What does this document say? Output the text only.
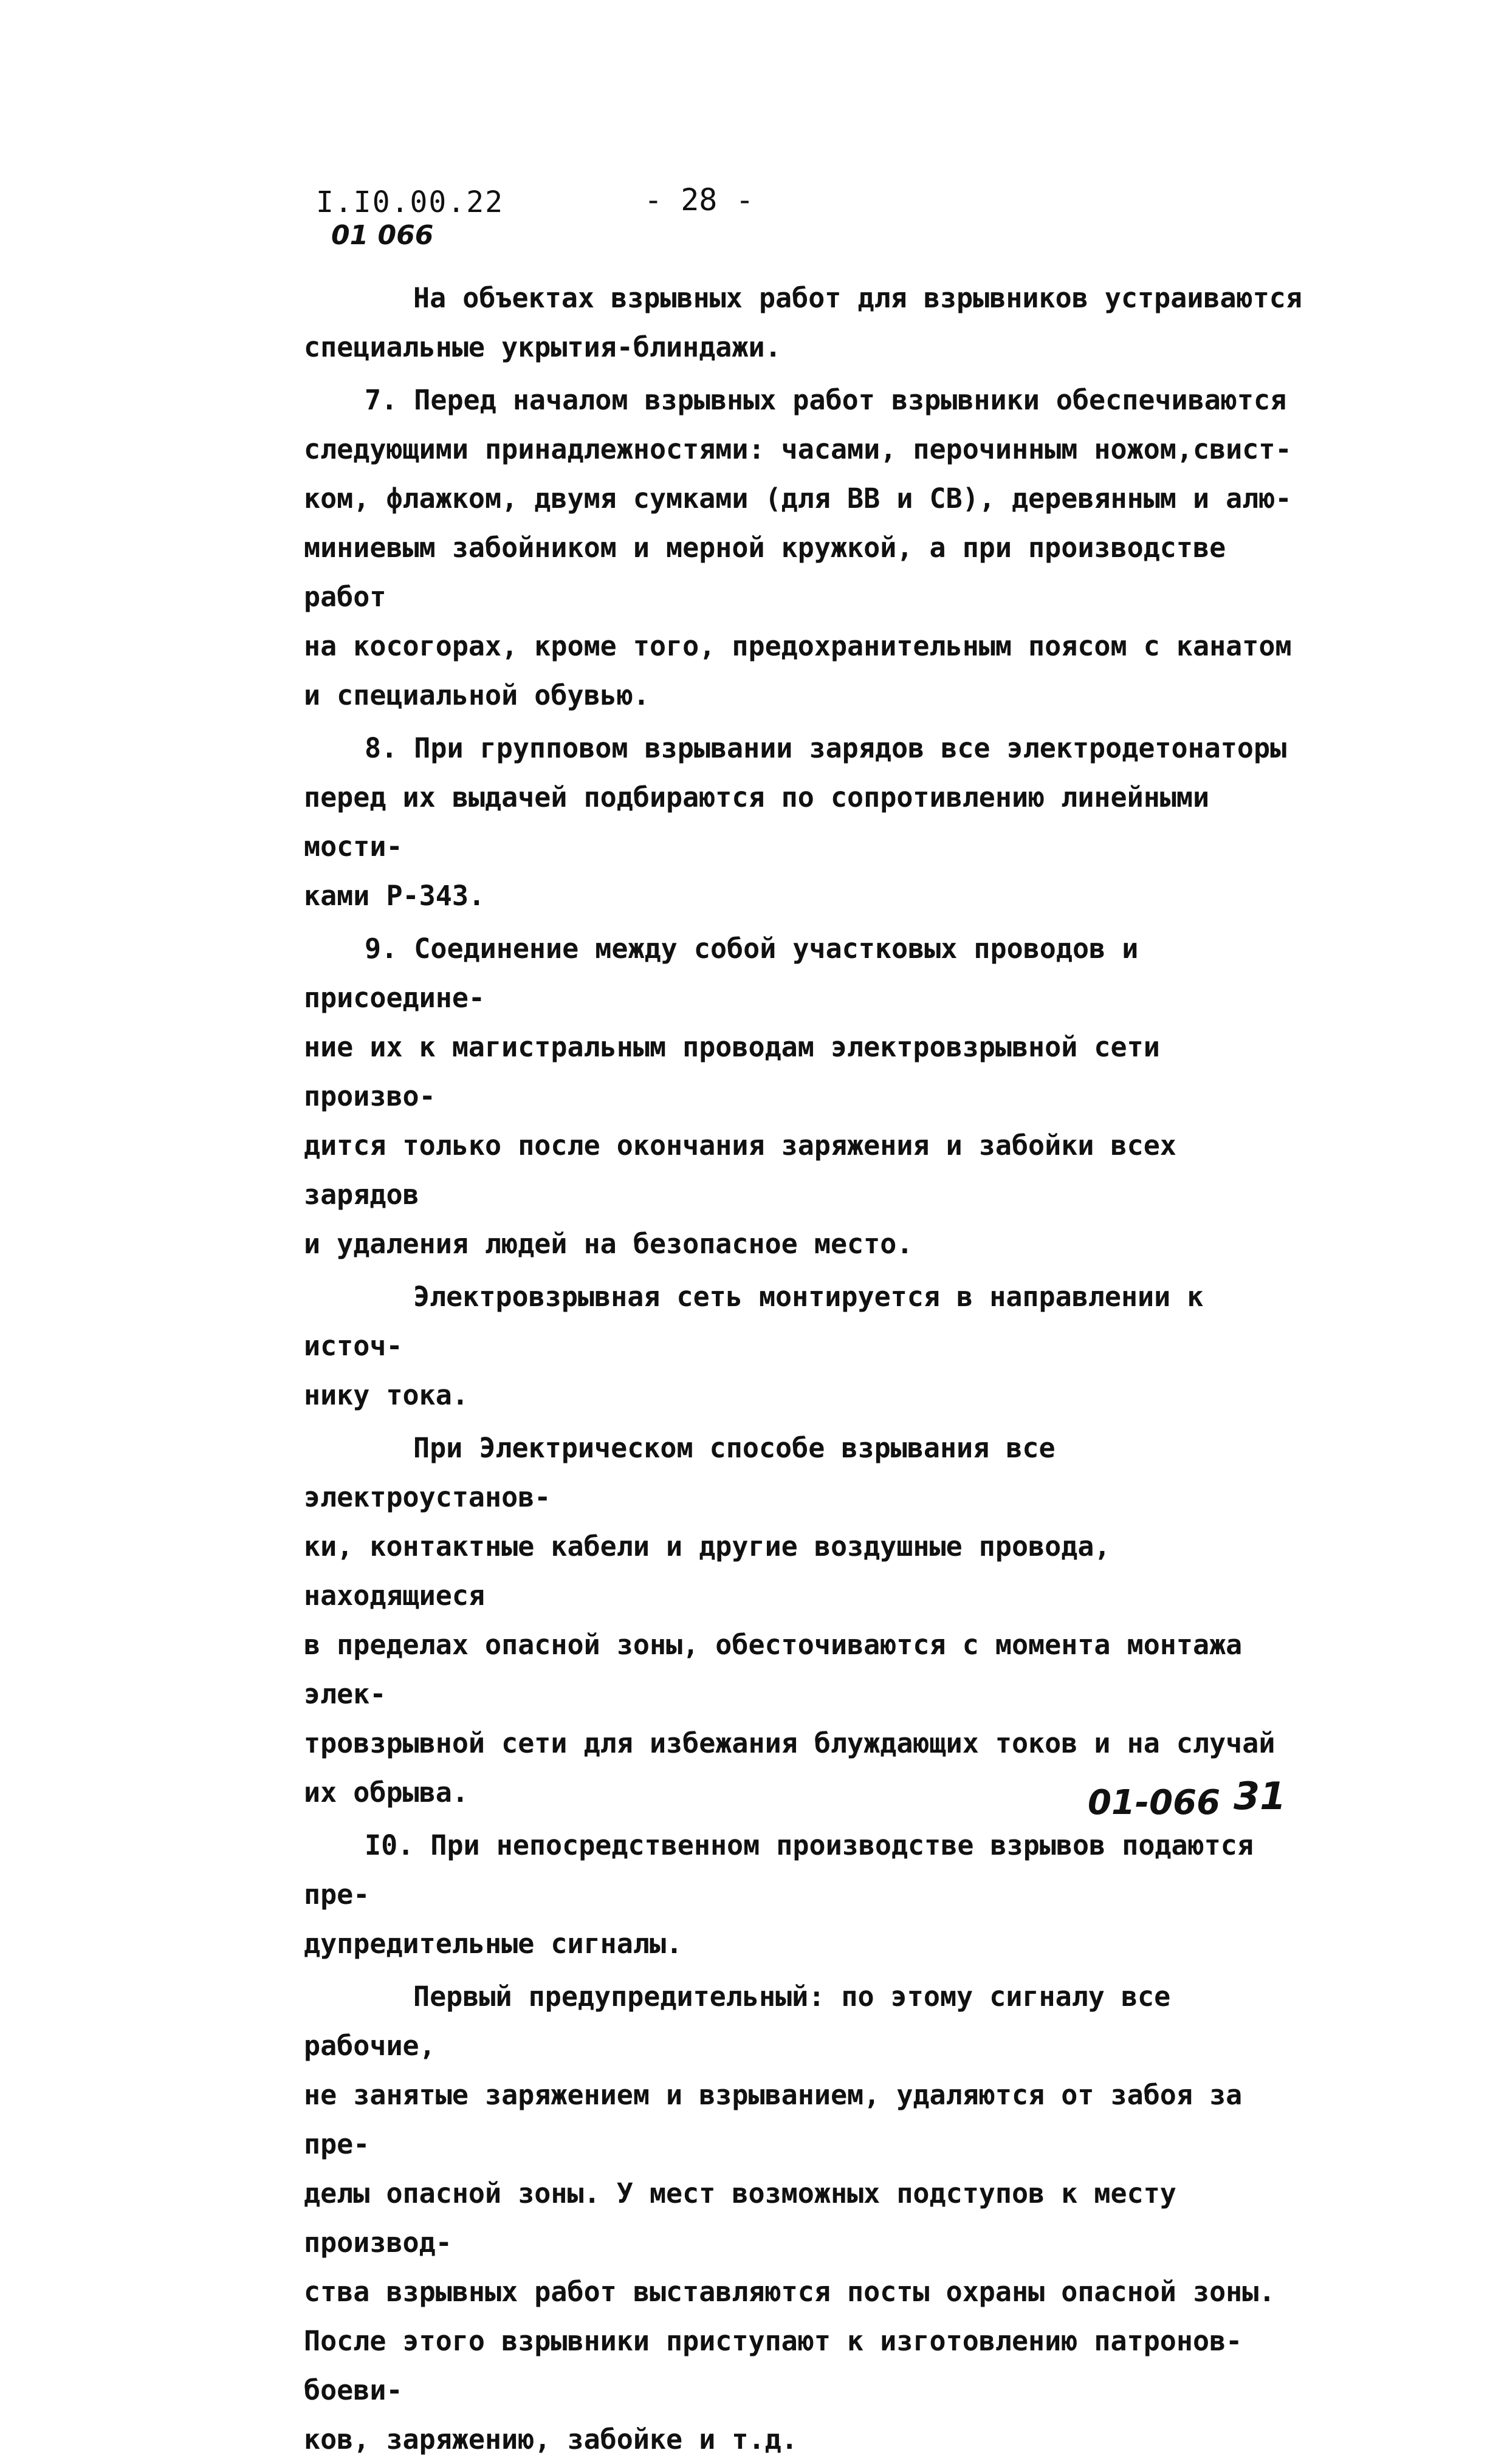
I.I0.00.22	- 28 -
01 066

На объектах взрывных работ для взрывников устраиваются
специальные укрытия-блиндажи.

7. Перед началом взрывных работ взрывники обеспечиваются
следующими принадлежностями: часами, перочинным ножом,свист-
ком, флажком, двумя сумками (для ВВ и СВ), деревянным и алю-
миниевым забойником и мерной кружкой, а при производстве работ
на косогорах, кроме того, предохранительным поясом с канатом
и специальной обувью.

8. При групповом взрывании зарядов все электродетонаторы
перед их выдачей подбираются по сопротивлению линейными мости-
ками Р-343.

9. Соединение между собой участковых проводов и присоедине-
ние их к магистральным проводам электровзрывной сети произво-
дится только после окончания заряжения и забойки всех зарядов
и удаления людей на безопасное место.

Электровзрывная сеть монтируется в направлении к источ-
нику тока.

При Электрическом способе взрывания все электроустанов-
ки, контактные кабели и другие воздушные провода, находящиеся
в пределах опасной зоны, обесточиваются с момента монтажа элек-
тровзрывной сети для избежания блуждающих токов и на случай
их обрыва.

I0. При непосредственном производстве взрывов подаются пре-
дупредительные сигналы.

Первый предупредительный: по этому сигналу все рабочие,
не занятые заряжением и взрыванием, удаляются от забоя за пре-
делы опасной зоны. У мест возможных подступов к месту производ-
ства взрывных работ выставляются посты охраны опасной зоны.
После этого взрывники приступают к изготовлению патронов-боеви-
ков, заряжению, забойке и т.д.

01-066 31
